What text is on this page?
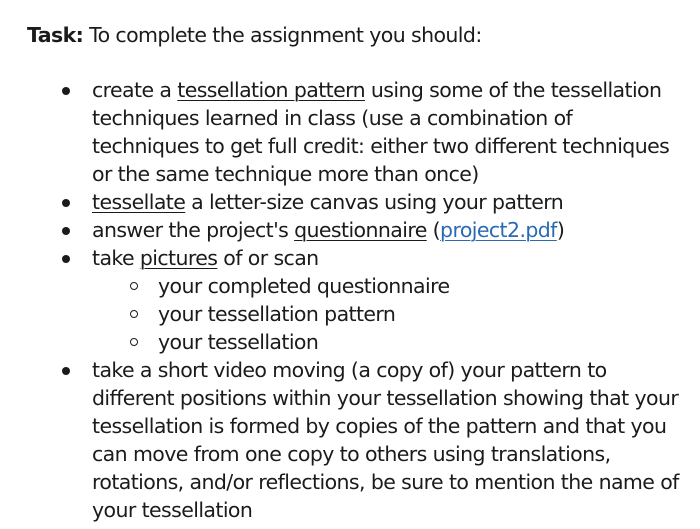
Task: To complete the assignment you should:
create a tessellation pattern using some of the tessellation techniques learned in class (use a combination of techniques to get full credit: either two different techniques or the same technique more than once)
tessellate a letter-size canvas using your pattern
answer the project's questionnaire (project2.pdf)
take pictures of or scan
your completed questionnaire
your tessellation pattern
your tessellation
take a short video moving (a copy of) your pattern to different positions within your tessellation showing that your tessellation is formed by copies of the pattern and that you can move from one copy to others using translations, rotations, and/or reflections, be sure to mention the name of your tessellation
